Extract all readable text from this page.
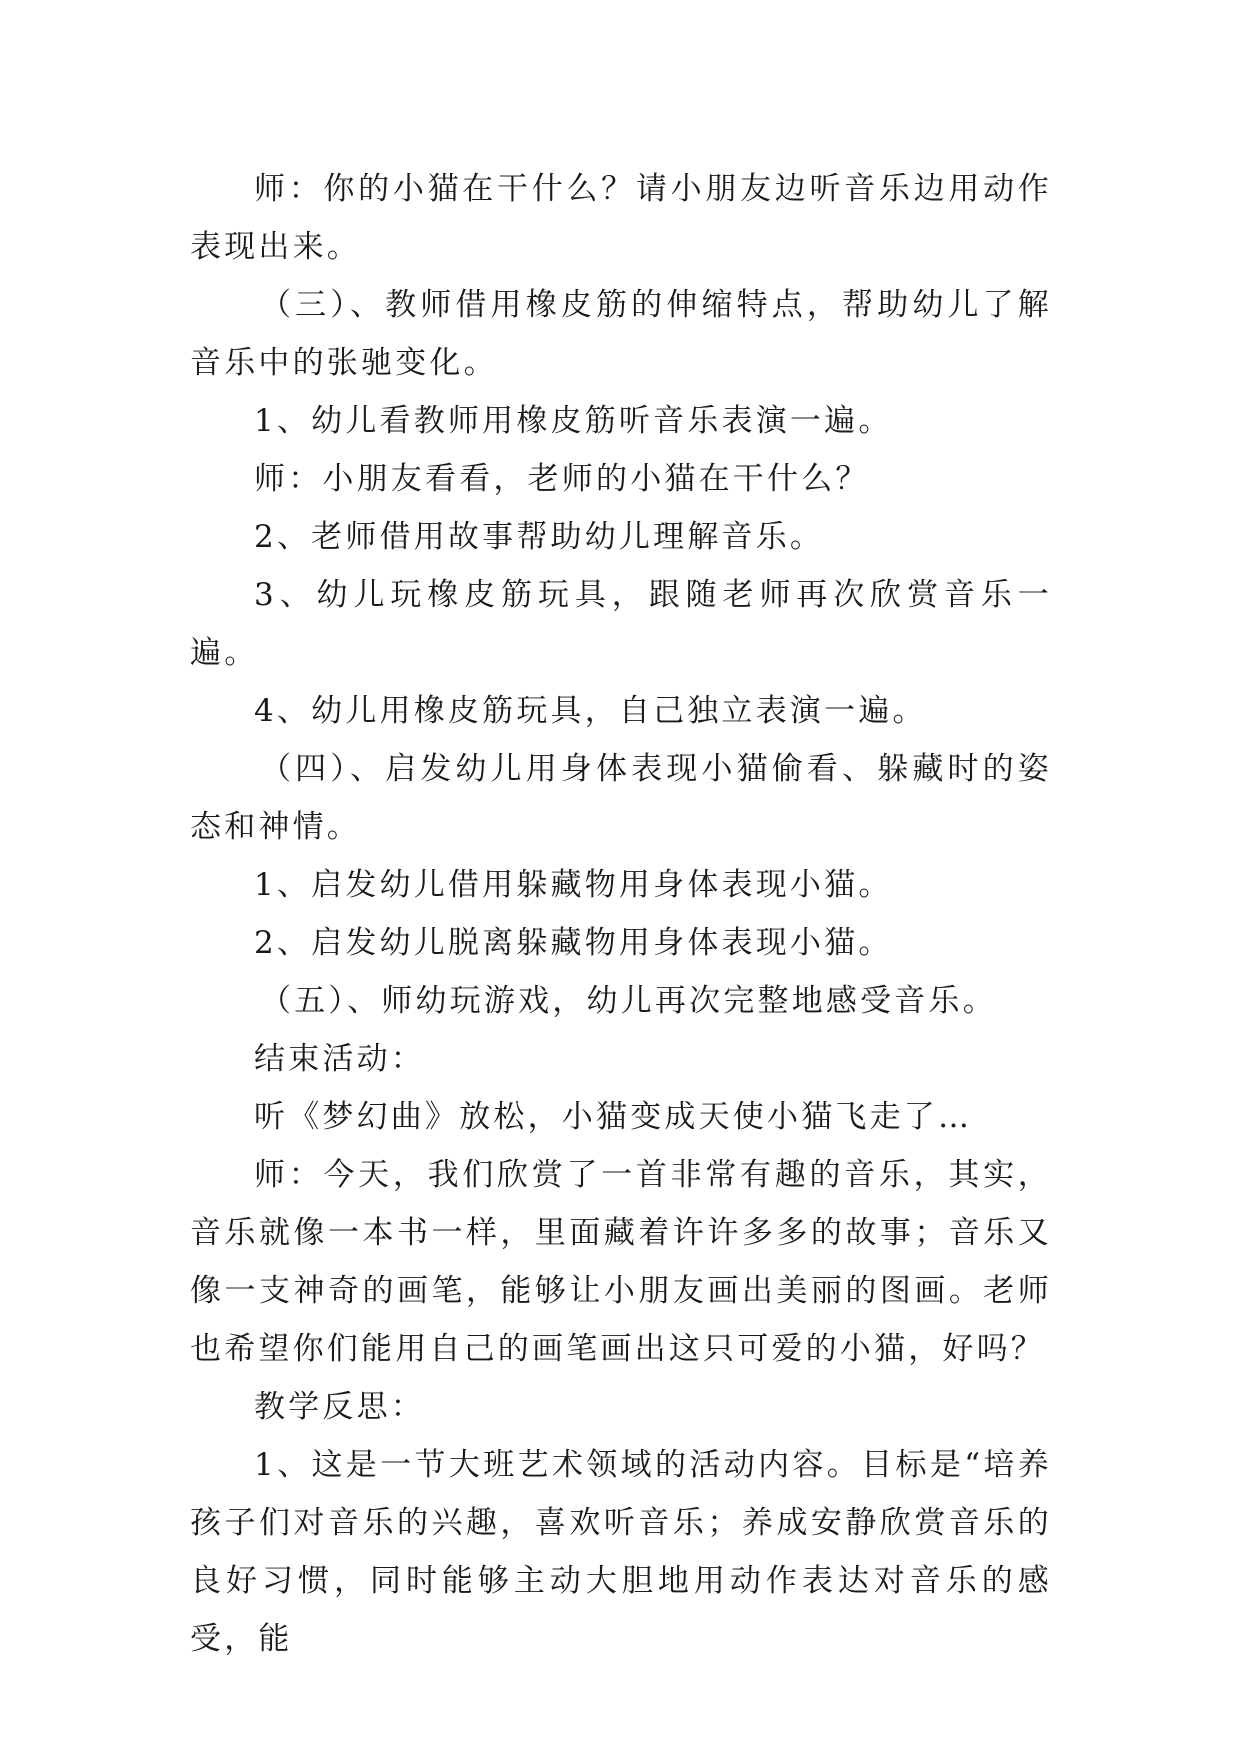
师：你的小猫在干什么？请小朋友边听音乐边用动作表现出来。

（三）、教师借用橡皮筋的伸缩特点，帮助幼儿了解音乐中的张驰变化。

1、幼儿看教师用橡皮筋听音乐表演一遍。

师：小朋友看看，老师的小猫在干什么？

2、老师借用故事帮助幼儿理解音乐。

3、幼儿玩橡皮筋玩具，跟随老师再次欣赏音乐一遍。

4、幼儿用橡皮筋玩具，自己独立表演一遍。

（四）、启发幼儿用身体表现小猫偷看、躲藏时的姿态和神情。

1、启发幼儿借用躲藏物用身体表现小猫。

2、启发幼儿脱离躲藏物用身体表现小猫。

（五）、师幼玩游戏，幼儿再次完整地感受音乐。

结束活动：

听《梦幻曲》放松，小猫变成天使小猫飞走了…

师：今天，我们欣赏了一首非常有趣的音乐，其实，音乐就像一本书一样，里面藏着许许多多的故事；音乐又像一支神奇的画笔，能够让小朋友画出美丽的图画。老师也希望你们能用自己的画笔画出这只可爱的小猫，好吗？

教学反思：

1、这是一节大班艺术领域的活动内容。目标是“培养孩子们对音乐的兴趣，喜欢听音乐；养成安静欣赏音乐的良好习惯，同时能够主动大胆地用动作表达对音乐的感受，能
